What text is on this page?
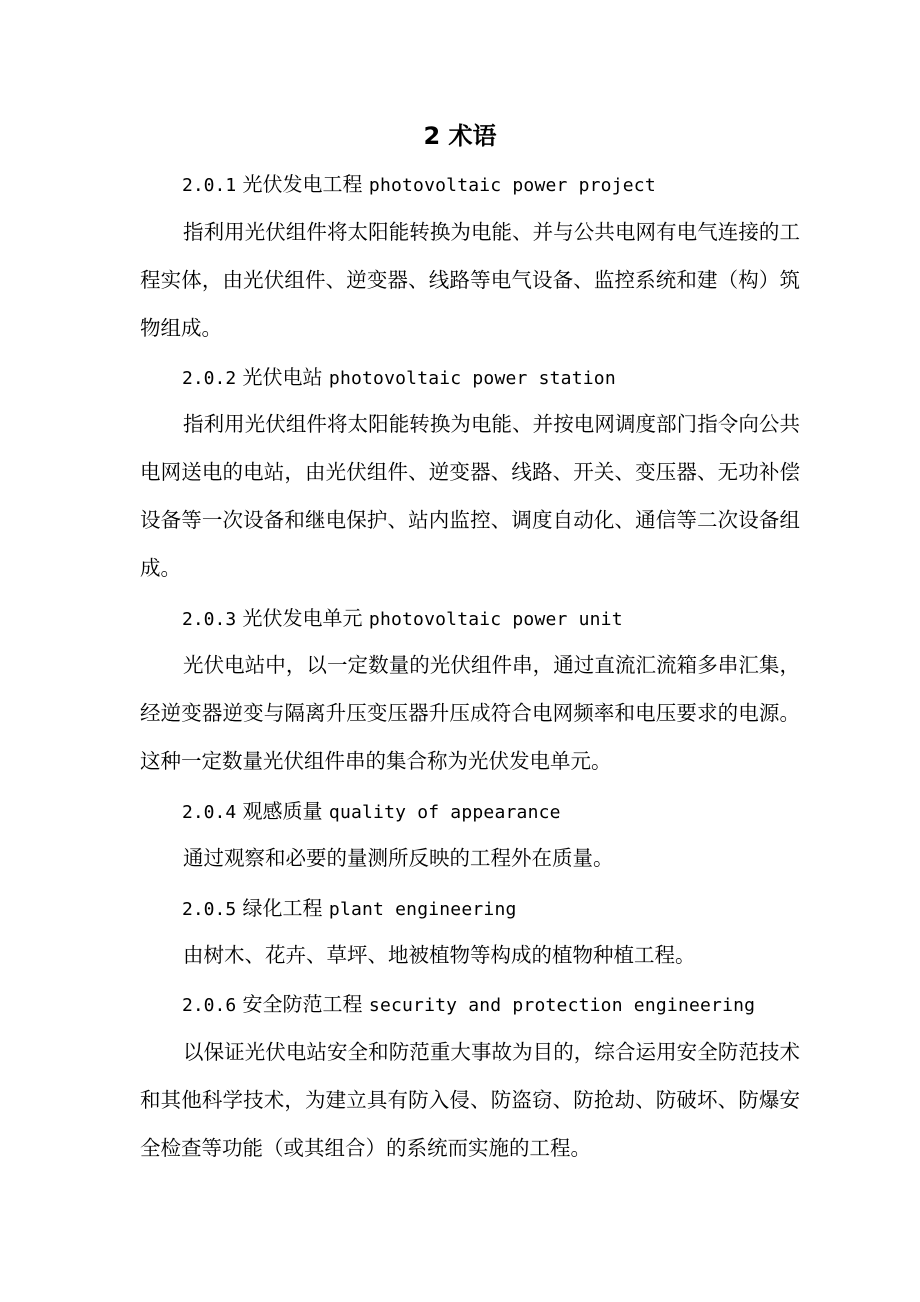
2 术语
2.0.1 光伏发电工程 photovoltaic power project
指利用光伏组件将太阳能转换为电能、并与公共电网有电气连接的工程实体，由光伏组件、逆变器、线路等电气设备、监控系统和建（构）筑物组成。
2.0.2 光伏电站 photovoltaic power station
指利用光伏组件将太阳能转换为电能、并按电网调度部门指令向公共电网送电的电站，由光伏组件、逆变器、线路、开关、变压器、无功补偿设备等一次设备和继电保护、站内监控、调度自动化、通信等二次设备组成。
2.0.3 光伏发电单元 photovoltaic power unit
光伏电站中，以一定数量的光伏组件串，通过直流汇流箱多串汇集，经逆变器逆变与隔离升压变压器升压成符合电网频率和电压要求的电源。这种一定数量光伏组件串的集合称为光伏发电单元。
2.0.4 观感质量 quality of appearance
通过观察和必要的量测所反映的工程外在质量。
2.0.5 绿化工程 plant engineering
由树木、花卉、草坪、地被植物等构成的植物种植工程。
2.0.6 安全防范工程 security and protection engineering
以保证光伏电站安全和防范重大事故为目的，综合运用安全防范技术和其他科学技术，为建立具有防入侵、防盗窃、防抢劫、防破坏、防爆安全检查等功能（或其组合）的系统而实施的工程。
